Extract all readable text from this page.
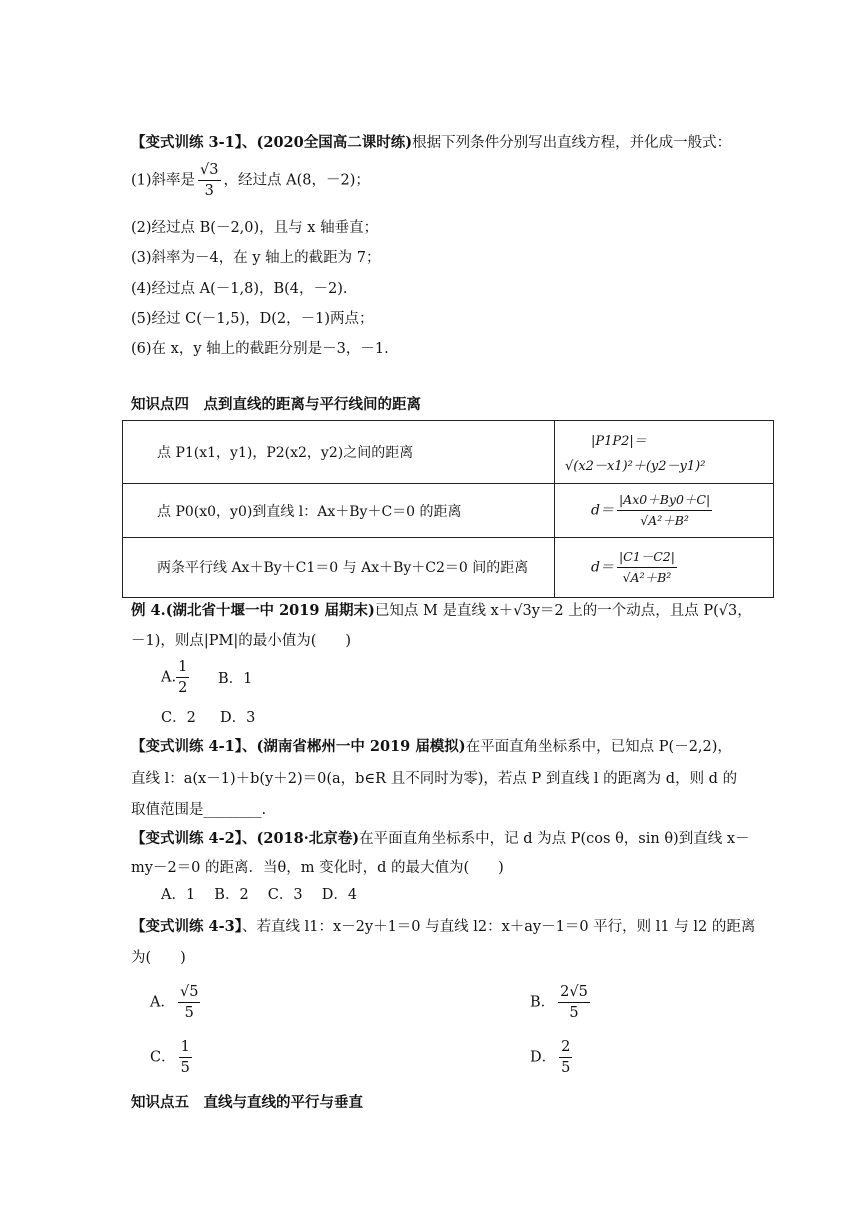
【变式训练 3-1】、(2020全国高二课时练)根据下列条件分别写出直线方程，并化成一般式：
(1)斜率是 $\frac{√3}{3}$ ，经过点 A(8，－2)；
(2)经过点 B(－2,0)，且与 x 轴垂直；
(3)斜率为－4，在 y 轴上的截距为 7；
(4)经过点 A(－1,8)，B(4，－2).
(5)经过 C(－1,5)，D(2，－1)两点；
(6)在 x，y 轴上的截距分别是－3，－1.
知识点四　点到直线的距离与平行线间的距离
点 P1(x1，y1)，P2(x2，y2)之间的距离	|P1P2|＝
√(x2－x1)²＋(y2－y1)²

点 P0(x0，y0)到直线 l：Ax＋By＋C＝0 的距离	$d= \frac{|Ax0+By0+C|}{\text{√A²＋B²}}$

两条平行线 Ax＋By＋C1＝0 与 Ax＋By＋C2＝0 间的距离	$d= \frac{|C1-C2|}{\text{√A²＋B²}}$
例 4.(湖北省十堰一中 2019 届期末)已知点 M 是直线 x＋√3y＝2 上的一个动点，且点 P(√3，
－1)，则点|PM|的最小值为(　　)
A. $\frac{1}{2}$ B．1
C．2 D．3
【变式训练 4-1】、(湖南省郴州一中 2019 届模拟)在平面直角坐标系中，已知点 P(－2,2)，
直线 l：a(x－1)＋b(y＋2)＝0(a，b∈R 且不同时为零)，若点 P 到直线 l 的距离为 d，则 d 的
取值范围是________.
【变式训练 4-2】、(2018·北京卷)在平面直角坐标系中，记 d 为点 P(cos θ，sin θ)到直线 x－
my－2＝0 的距离．当θ，m 变化时，d 的最大值为(　　)
A．1　 B．2　 C．3　 D．4
【变式训练 4-3】、若直线 l1：x－2y＋1＝0 与直线 l2：x＋ay－1＝0 平行，则 l1 与 l2 的距离
为(　　)
A． $\frac{√5}{5}$	B． $\frac{2√5}{5}$
C． $\frac{1}{5}$	D． $\frac{2}{5}$
知识点五　直线与直线的平行与垂直
